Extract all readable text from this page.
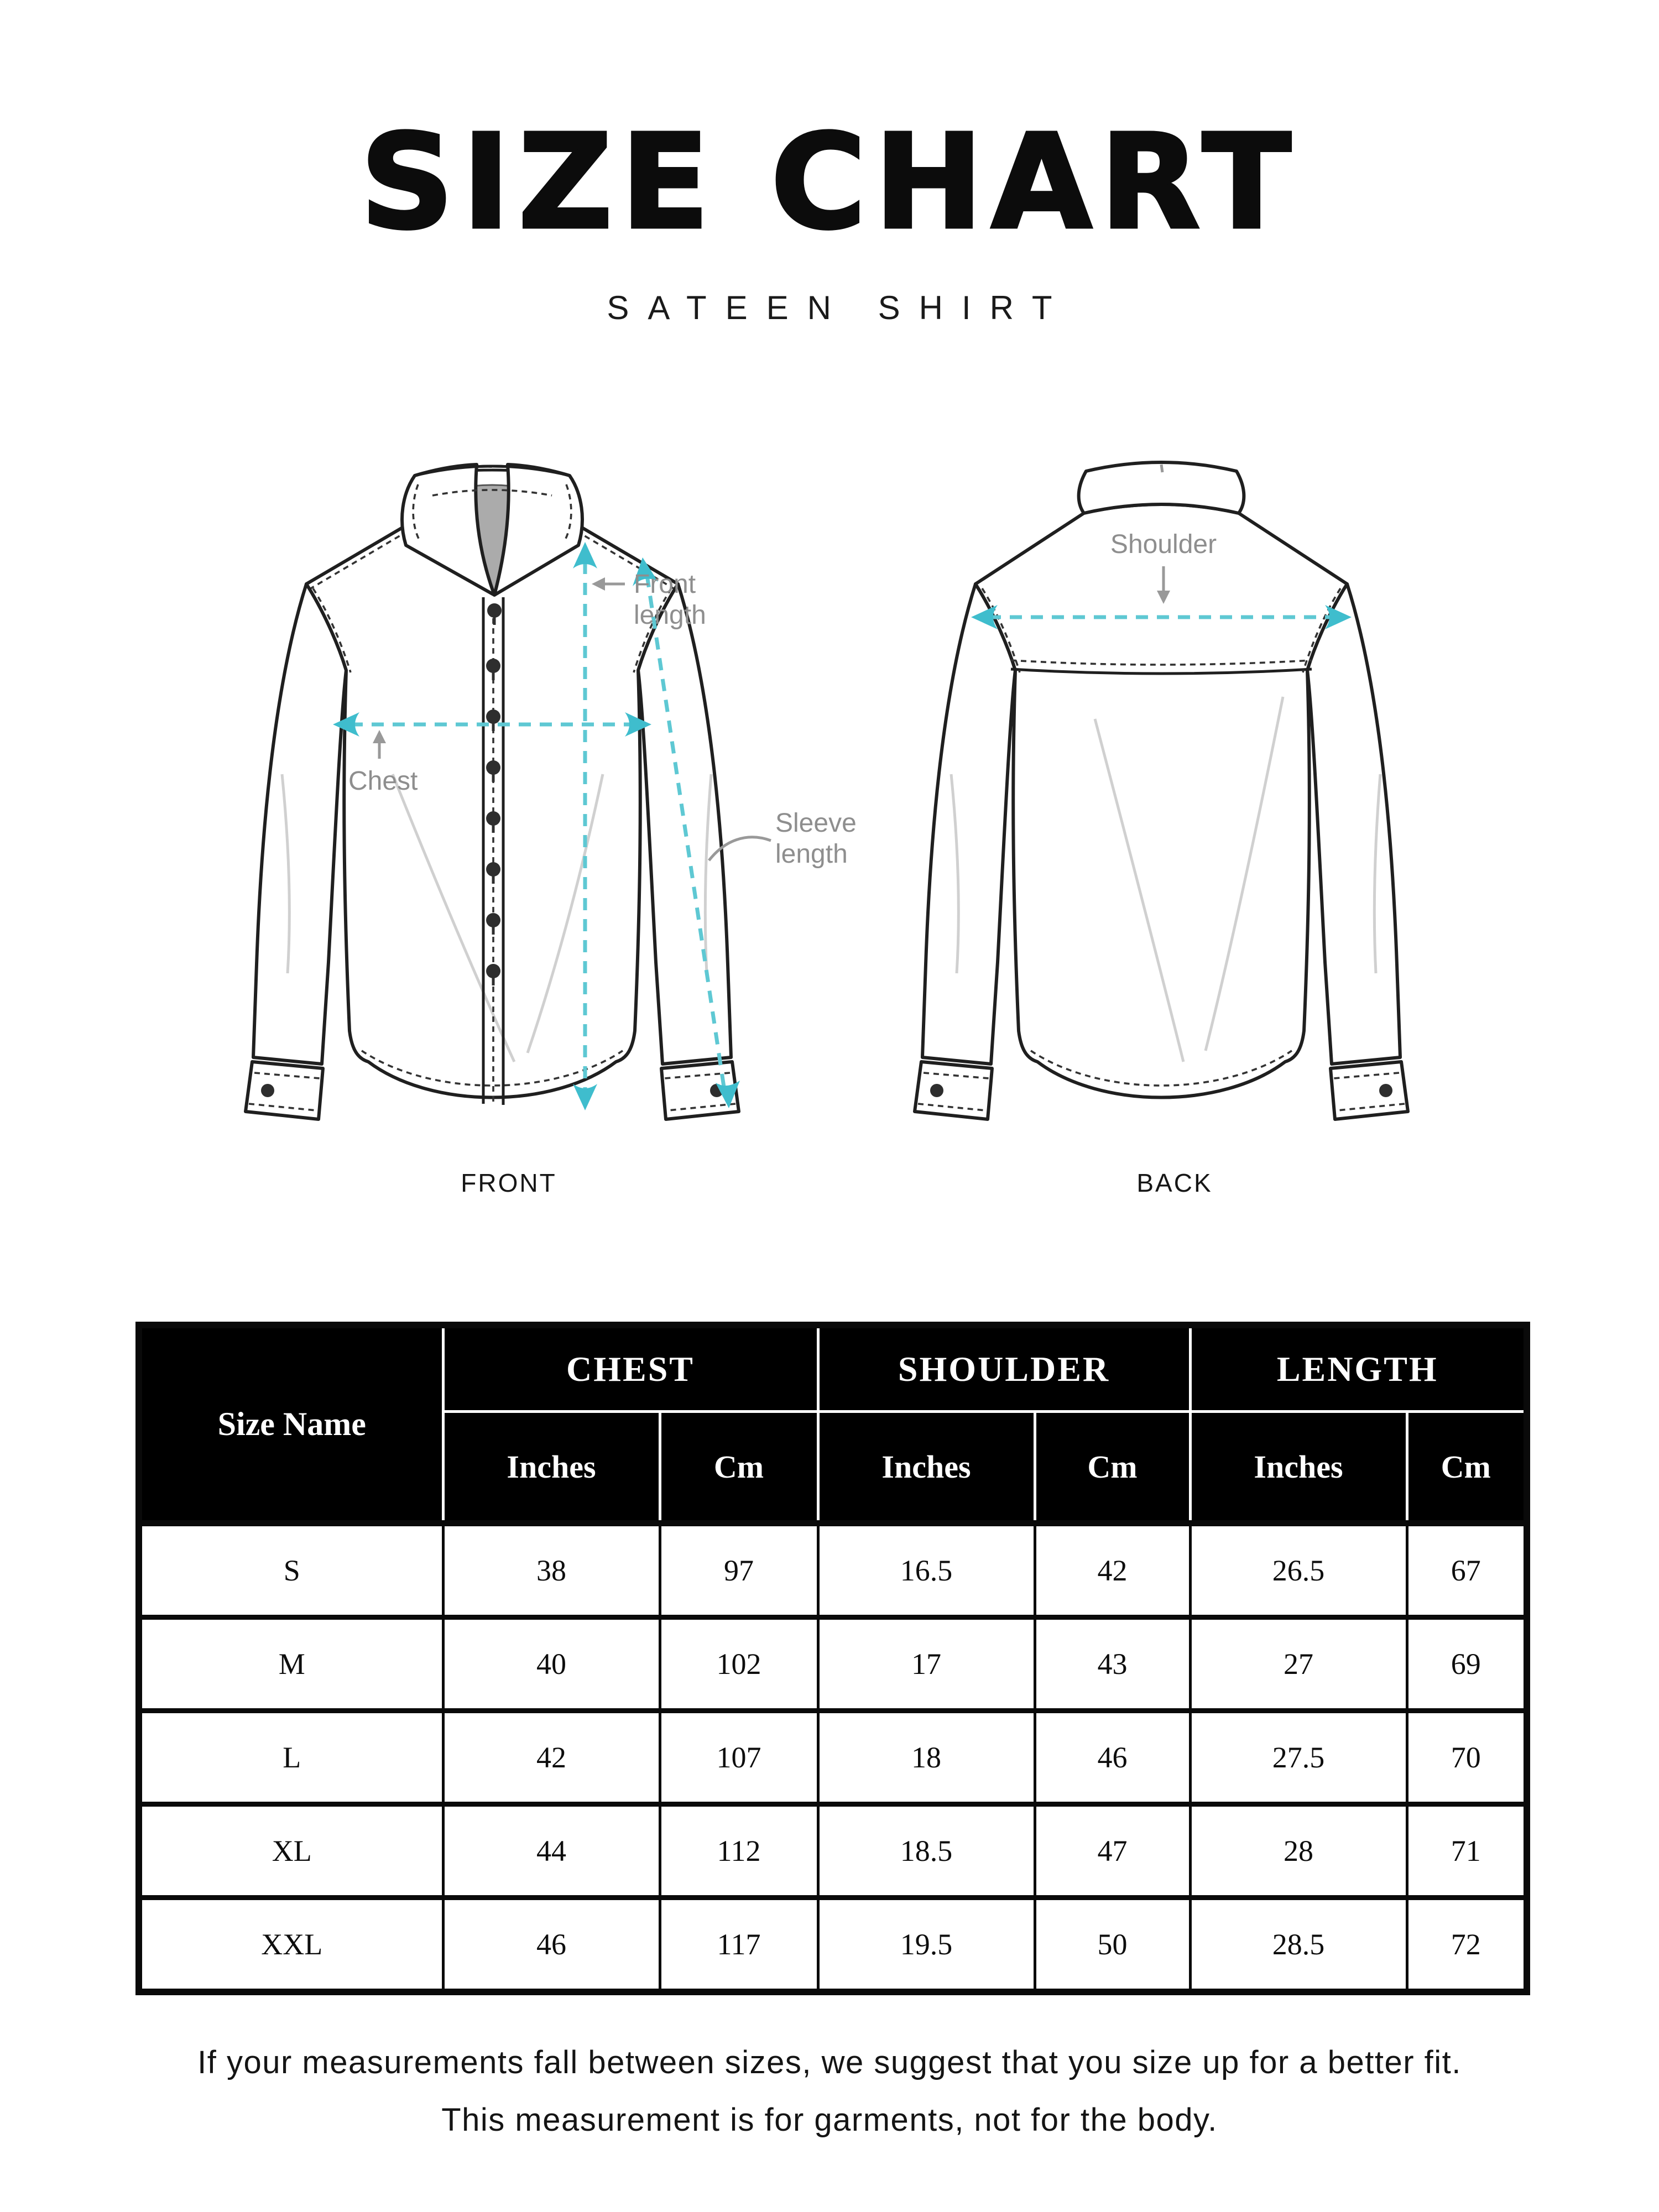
SIZE CHART
SATEEN SHIRT
Front
length
Chest
Sleeve
length
Shoulder
FRONT	BACK
Size Name	CHEST		SHOULDER		LENGTH	
	Inches	Cm	Inches	Cm	Inches	Cm
S	38	97	16.5	42	26.5	67
M	40	102	17	43	27	69
L	42	107	18	46	27.5	70
XL	44	112	18.5	47	28	71
XXL	46	117	19.5	50	28.5	72
If your measurements fall between sizes, we suggest that you size up for a better fit.
This measurement is for garments, not for the body.
